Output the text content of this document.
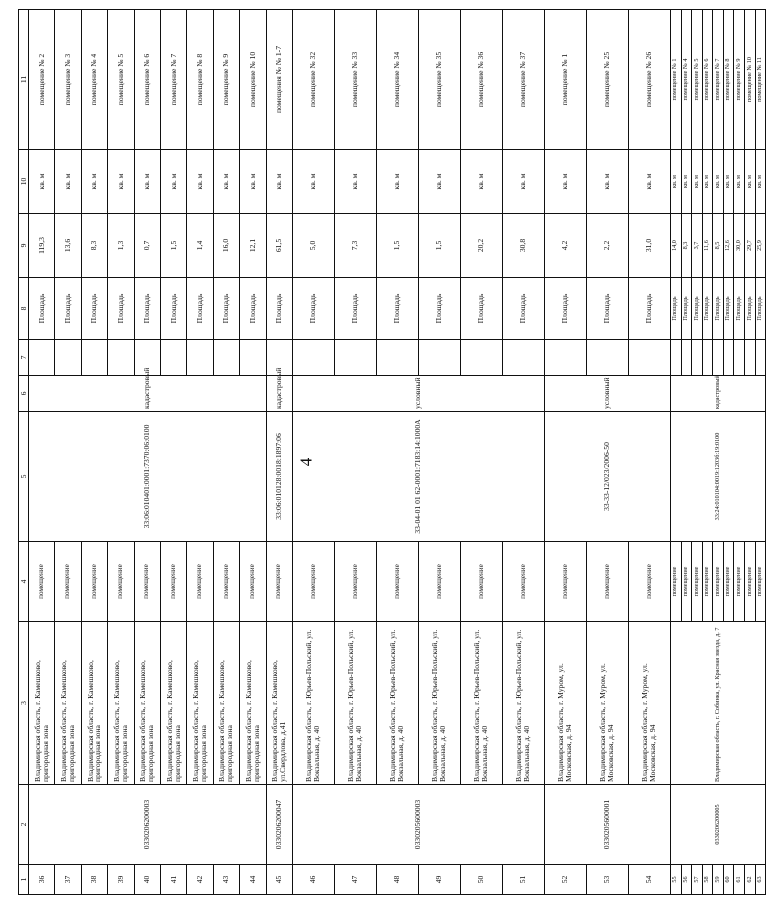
4
1	2	3	4	5	6	7	8	9	10	11
36	0330206200003	Владимирская область, г. Камешково, пригородная зона	помещение	33:06:010401:0001:7370:06:0100	кадастровый		Площадь	119,3	кв. м	помещение № 2
37		Владимирская область, г. Камешково, пригородная зона	помещение				Площадь	13,6	кв. м	помещение № 3
38		Владимирская область, г. Камешково, пригородная зона	помещение				Площадь	8,3	кв. м	помещение № 4
39		Владимирская область, г. Камешково, пригородная зона	помещение				Площадь	1,3	кв. м	помещение № 5
40		Владимирская область, г. Камешково, пригородная зона	помещение				Площадь	0,7	кв. м	помещение № 6
41		Владимирская область, г. Камешково, пригородная зона	помещение				Площадь	1,5	кв. м	помещение № 7
42		Владимирская область, г. Камешково, пригородная зона	помещение				Площадь	1,4	кв. м	помещение № 8
43		Владимирская область, г. Камешково, пригородная зона	помещение				Площадь	16,0	кв. м	помещение № 9
44		Владимирская область, г. Камешково, пригородная зона	помещение				Площадь	12,1	кв. м	помещение № 10
45	0330206200047	Владимирская область, г. Камешково, ул.Свердлова, д.41	помещение	33:06:010128:0018:1897:06	кадастровый		Площадь	61,5	кв. м	помещения № № 1-7
46	0330205600003	Владимирская область, г. Юрьев-Польский, ул. Вокзальная, д. 40	помещение	33-04-01 01 62-0001:7183:14:1000А	условный		Площадь	5,0	кв. м	помещение № 32
47		Владимирская область, г. Юрьев-Польский, ул. Вокзальная, д. 40	помещение				Площадь	7,3	кв. м	помещение № 33
48		Владимирская область, г. Юрьев-Польский, ул. Вокзальная, д. 40	помещение				Площадь	1,5	кв. м	помещение № 34
49		Владимирская область, г. Юрьев-Польский, ул. Вокзальная, д. 40	помещение				Площадь	1,5	кв. м	помещение № 35
50		Владимирская область, г. Юрьев-Польский, ул. Вокзальная, д. 40	помещение				Площадь	20,2	кв. м	помещение № 36
51		Владимирская область, г. Юрьев-Польский, ул. Вокзальная, д. 40	помещение				Площадь	30,8	кв. м	помещение № 37
52	0330205600001	Владимирская область, г. Муром, ул. Московская, д. 94	помещение	33-33-12/023/2006-50	условный		Площадь	4,2	кв. м	помещение № 1
53		Владимирская область, г. Муром, ул. Московская, д. 94	помещение				Площадь	2,2	кв. м	помещение № 25
54		Владимирская область, г. Муром, ул. Московская, д. 94	помещение				Площадь	31,0	кв. м	помещение № 26
55	0330206200005	Владимирская область, г. Собинка, ул. Красная звезда, д. 7	помещение	33:24:010104:0019:1203б:19:0100	кадастровый		Площадь	14,0	кв. м	помещение № 1
56			помещение				Площадь	8,3	кв. м	помещение № 4
57			помещение				Площадь	3,7	кв. м	помещение № 5
58			помещение				Площадь	11,6	кв. м	помещение № 6
59			помещение				Площадь	8,5	кв. м	помещение № 7
60			помещение				Площадь	12,6	кв. м	помещение № 8
61			помещение				Площадь	30,0	кв. м	помещение № 9
62			помещение				Площадь	29,7	кв. м	помещение № 10
63			помещение				Площадь	25,9	кв. м	помещение № 11
